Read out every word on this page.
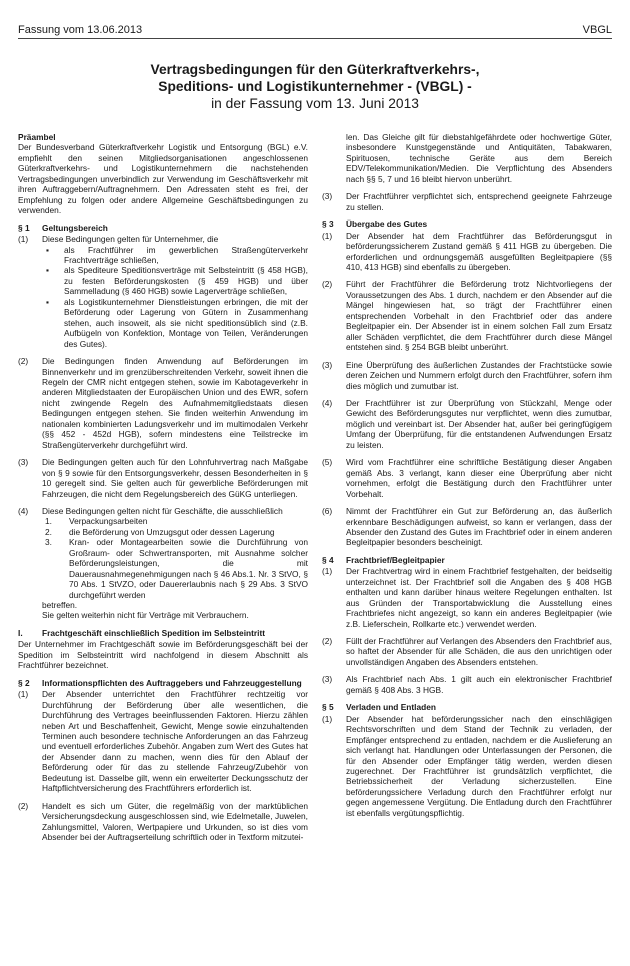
Fassung vom 13.06.2013	VBGL
Vertragsbedingungen für den Güterkraftverkehrs-,
Speditions- und Logistikunternehmer - (VBGL) -
in der Fassung vom 13. Juni 2013
Präambel

Der Bundesverband Güterkraftverkehr Logistik und Entsorgung (BGL) e.V. empfiehlt den seinen Mitgliedsorganisationen angeschlossenen Güterkraftverkehrs- und Logistikunternehmern die nachstehenden Vertragsbedingungen unverbindlich zur Verwendung im Geschäftsverkehr mit ihren Auftraggebern/Auftragnehmern. Den Adressaten steht es frei, der Empfehlung zu folgen oder andere Allgemeine Geschäftsbedingungen zu verwenden.

§ 1	Geltungsbereich
(1)	Diese Bedingungen gelten für Unternehmer, die
▪	als Frachtführer im gewerblichen Straßengüterverkehr Frachtverträge schließen,
▪	als Spediteure Speditionsverträge mit Selbsteintritt (§ 458 HGB), zu festen Beförderungskosten (§ 459 HGB) und über Sammelladung (§ 460 HGB) sowie Lagerverträge schließen,
▪	als Logistikunternehmer Dienstleistungen erbringen, die mit der Beförderung oder Lagerung von Gütern in Zusammenhang stehen, auch insoweit, als sie nicht speditionsüblich sind (z.B. Aufbügeln von Konfektion, Montage von Teilen, Veränderungen des Gutes).
(2)	Die Bedingungen finden Anwendung auf Beförderungen im Binnenverkehr und im grenzüberschreitenden Verkehr, soweit ihnen die Regeln der CMR nicht entgegen stehen, sowie im Kabotageverkehr in anderen Mitgliedstaaten der Europäischen Union und des EWR, sofern nicht zwingende Regeln des Aufnahmemitgliedstaats diesen Bedingungen entgegen stehen. Sie finden weiterhin Anwendung im nationalen kombinierten Ladungsverkehr und im multimodalen Verkehr (§§ 452 - 452d HGB), sofern mindestens eine Teilstrecke im Straßengüterverkehr durchgeführt wird.
(3)	Die Bedingungen gelten auch für den Lohnfuhrvertrag nach Maßgabe von § 9 sowie für den Entsorgungsverkehr, dessen Besonderheiten in § 10 geregelt sind. Sie gelten auch für gewerbliche Beförderungen mit Fahrzeugen, die nicht dem Regelungsbereich des GüKG unterliegen.
(4)	Diese Bedingungen gelten nicht für Geschäfte, die ausschließlich
1.	Verpackungsarbeiten
2.	die Beförderung von Umzugsgut oder dessen Lagerung
3.	Kran- oder Montagearbeiten sowie die Durchführung von Großraum- oder Schwertransporten, mit Ausnahme solcher Beförderungsleistungen, die mit Dauerausnahmegenehmigungen nach § 46 Abs.1. Nr. 3 StVO, § 70 Abs. 1 StVZO, oder Dauererlaubnis nach § 29 Abs. 3 StVO durchgeführt werden
betreffen.
Sie gelten weiterhin nicht für Verträge mit Verbrauchern.
I.	Frachtgeschäft einschließlich Spedition im Selbsteintritt

Der Unternehmer im Frachtgeschäft sowie im Beförderungsgeschäft bei der Spedition im Selbsteintritt wird nachfolgend in diesem Abschnitt als Frachtführer bezeichnet.

§ 2	Informationspflichten des Auftraggebers und Fahrzeuggestellung
(1)	Der Absender unterrichtet den Frachtführer rechtzeitig vor Durchführung der Beförderung über alle wesentlichen, die Durchführung des Vertrages beeinflussenden Faktoren. Hierzu zählen neben Art und Beschaffenheit, Gewicht, Menge sowie einzuhaltenden Terminen auch besondere technische Anforderungen an das Fahrzeug und eventuell erforderliches Zubehör. Angaben zum Wert des Gutes hat der Absender dann zu machen, wenn dies für den Ablauf der Beförderung oder für das zu stellende Fahrzeug/Zubehör von Bedeutung ist. Dasselbe gilt, wenn ein erweiterter Deckungsschutz der Haftpflichtversicherung des Frachtführers erforderlich ist.
(2)	Handelt es sich um Güter, die regelmäßig von der marktüblichen Versicherungsdeckung ausgeschlossen sind, wie Edelmetalle, Juwelen, Zahlungsmittel, Valoren, Wertpapiere und Urkunden, so ist dies vom Absender bei der Auftragserteilung schriftlich oder in Textform mitzutei-
len. Das Gleiche gilt für diebstahlgefährdete oder hochwertige Güter, insbesondere Kunstgegenstände und Antiquitäten, Tabakwaren, Spirituosen, technische Geräte aus dem Bereich EDV/Telekommunikation/Medien. Die Verpflichtung des Absenders nach §§ 5, 7 und 16 bleibt hiervon unberührt.
(3)	Der Frachtführer verpflichtet sich, entsprechend geeignete Fahrzeuge zu stellen.
§ 3	Übergabe des Gutes
(1)	Der Absender hat dem Frachtführer das Beförderungsgut in beförderungssicherem Zustand gemäß § 411 HGB zu übergeben. Die erforderlichen und ordnungsgemäß ausgefüllten Begleitpapiere (§§ 410, 413 HGB) sind ebenfalls zu übergeben.
(2)	Führt der Frachtführer die Beförderung trotz Nichtvorliegens der Voraussetzungen des Abs. 1 durch, nachdem er den Absender auf die Mängel hingewiesen hat, so trägt der Frachtführer einen entsprechenden Vorbehalt in den Frachtbrief oder das andere Begleitpapier ein. Der Absender ist in einem solchen Fall zum Ersatz aller Schäden verpflichtet, die dem Frachtführer durch diese Mängel entstehen sind. § 254 BGB bleibt unberührt.
(3)	Eine Überprüfung des äußerlichen Zustandes der Frachtstücke sowie deren Zeichen und Nummern erfolgt durch den Frachtführer, sofern ihm dies möglich und zumutbar ist.
(4)	Der Frachtführer ist zur Überprüfung von Stückzahl, Menge oder Gewicht des Beförderungsgutes nur verpflichtet, wenn dies zumutbar, möglich und vereinbart ist. Der Absender hat, außer bei geringfügigem Umfang der Überprüfung, für die entstandenen Aufwendungen Ersatz zu leisten.
(5)	Wird vom Frachtführer eine schriftliche Bestätigung dieser Angaben gemäß Abs. 3 verlangt, kann dieser eine Überprüfung aber nicht vornehmen, erfolgt die Bestätigung durch den Frachtführer unter Vorbehalt.
(6)	Nimmt der Frachtführer ein Gut zur Beförderung an, das äußerlich erkennbare Beschädigungen aufweist, so kann er verlangen, dass der Absender den Zustand des Gutes im Frachtbrief oder in einem anderen Begleitpapier besonders bescheinigt.
§ 4	Frachtbrief/Begleitpapier
(1)	Der Frachtvertrag wird in einem Frachtbrief festgehalten, der beidseitig unterzeichnet ist. Der Frachtbrief soll die Angaben des § 408 HGB enthalten und kann darüber hinaus weitere Regelungen enthalten. Ist aus Gründen der Transportabwicklung die Ausstellung eines Frachtbriefes nicht angezeigt, so kann ein anderes Begleitpapier (wie z.B. Lieferschein, Rollkarte etc.) verwendet werden.
(2)	Füllt der Frachtführer auf Verlangen des Absenders den Frachtbrief aus, so haftet der Absender für alle Schäden, die aus den unrichtigen oder unvollständigen Angaben des Absenders entstehen.
(3)	Als Frachtbrief nach Abs. 1 gilt auch ein elektronischer Frachtbrief gemäß § 408 Abs. 3 HGB.
§ 5	Verladen und Entladen
(1)	Der Absender hat beförderungssicher nach den einschlägigen Rechtsvorschriften und dem Stand der Technik zu verladen, der Empfänger entsprechend zu entladen, nachdem er die Auslieferung an sich verlangt hat. Handlungen oder Unterlassungen der Personen, die für den Absender oder Empfänger tätig werden, werden diesen zugerechnet. Der Frachtführer ist grundsätzlich verpflichtet, die Betriebssicherheit der Verladung sicherzustellen. Eine beförderungssichere Verladung durch den Frachtführer erfolgt nur gegen angemessene Vergütung. Die Entladung durch den Frachtführer ist ebenfalls vergütungspflichtig.
